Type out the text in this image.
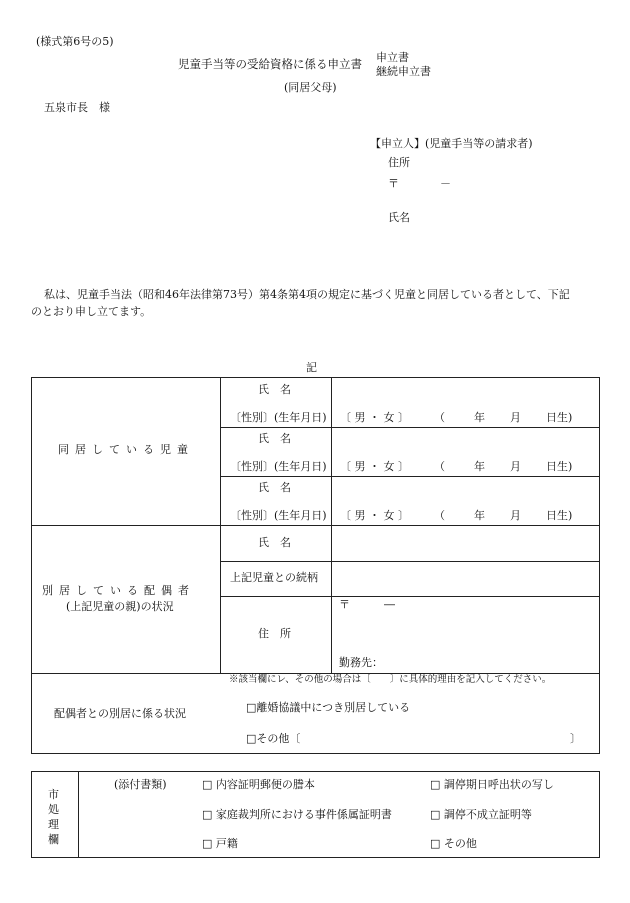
(様式第6号の5)
児童手当等の受給資格に係る申立書 申立書
継続申立書
(同居父母)
五泉市長　様
【申立人】(児童手当等の請求者)
住所
〒	－
氏名
私は、児童手当法（昭和46年法律第73号）第4条第4項の規定に基づく児童と同居している者として、下記
のとおり申し立てます。
記
同居している児童
氏　名
〔性別〕(生年月日) 〔 男 ・ 女 〕 （	年 月 日生)
氏　名
〔性別〕(生年月日) 〔 男 ・ 女 〕 （	年 月 日生)
氏　名
〔性別〕(生年月日) 〔 男 ・ 女 〕 （	年 月 日生)
別居している配偶者
(上記児童の親)の状況
氏　名
上記児童との続柄
住　所
〒	―
勤務先：
※該当欄にレ、その他の場合は〔　　〕に具体的理由を記入してください。
配偶者との別居に係る状況	□離婚協議中につき別居している
□その他〔	〕
市
処
理
欄
(添付書類)	□ 内容証明郵便の謄本	□ 調停期日呼出状の写し
□ 家庭裁判所における事件係属証明書	□ 調停不成立証明等
□ 戸籍	□ その他
